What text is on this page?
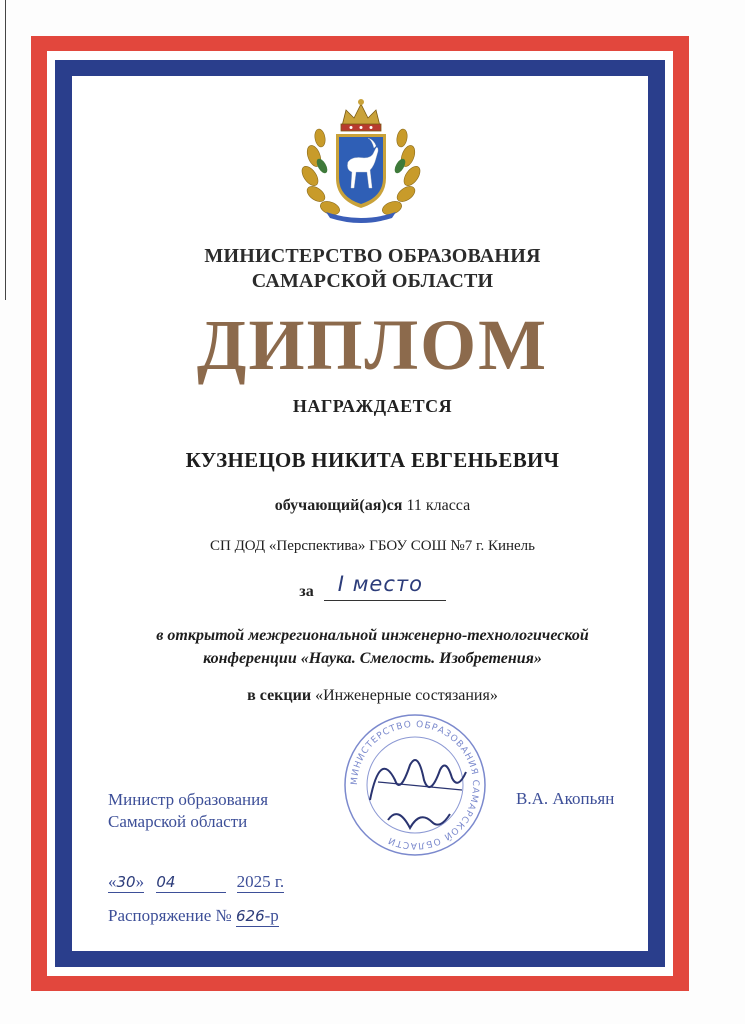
МИНИСТЕРСТВО ОБРАЗОВАНИЯ
САМАРСКОЙ ОБЛАСТИ
ДИПЛОМ
НАГРАЖДАЕТСЯ
КУЗНЕЦОВ НИКИТА ЕВГЕНЬЕВИЧ
обучающий(ая)ся 11 класса
СП ДОД «Перспектива» ГБОУ СОШ №7 г. Кинель
за I место
в открытой межрегиональной инженерно-технологической
конференции «Наука. Смелость. Изобретения»
в секции «Инженерные состязания»
МИНИСТЕРСТВО ОБРАЗОВАНИЯ САМАРСКОЙ ОБЛАСТИ
Министр образования
Самарской области
В.А. Акопьян
«30» 04	2025 г.
Распоряжение № 626-р
